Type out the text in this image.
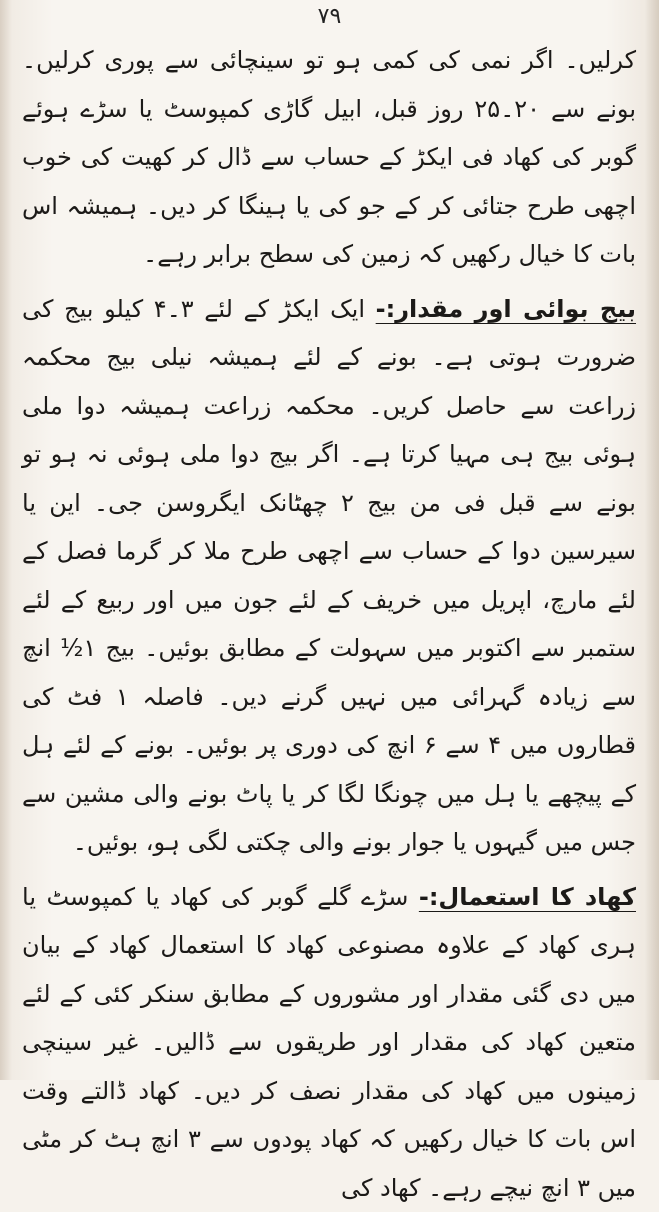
۷۹

کرلیں۔ اگر نمی کی کمی ہو تو سینچائی سے پوری کرلیں۔ بونے سے ۲۰۔۲۵ روز قبل، ابیل گاڑی کمپوسٹ یا سڑے ہوئے گوبر کی کھاد فی ایکڑ کے حساب سے ڈال کر کھیت کی خوب اچھی طرح جتائی کر کے جو کی یا ہینگا کر دیں۔ ہمیشہ اس بات کا خیال رکھیں کہ زمین کی سطح برابر رہے۔

بیج بوائی اور مقدار:- ایک ایکڑ کے لئے ۳۔۴ کیلو بیج کی ضرورت ہوتی ہے۔ بونے کے لئے ہمیشہ نیلی بیج محکمہ زراعت سے حاصل کریں۔ محکمہ زراعت ہمیشہ دوا ملی ہوئی بیج ہی مہیا کرتا ہے۔ اگر بیج دوا ملی ہوئی نہ ہو تو بونے سے قبل فی من بیج ۲ چھٹانک ایگروسن جی۔ این یا سیرسین دوا کے حساب سے اچھی طرح ملا کر گرما فصل کے لئے مارچ، اپریل میں خریف کے لئے جون میں اور ربیع کے لئے ستمبر سے اکتوبر میں سہولت کے مطابق بوئیں۔ بیج ۱½ انچ سے زیادہ گہرائی میں نہیں گرنے دیں۔ فاصلہ ۱ فٹ کی قطاروں میں ۴ سے ۶ انچ کی دوری پر بوئیں۔ بونے کے لئے ہل کے پیچھے یا ہل میں چونگا لگا کر یا پاٹ بونے والی مشین سے جس میں گیہوں یا جوار بونے والی چکتی لگی ہو، بوئیں۔

کھاد کا استعمال:- سڑے گلے گوبر کی کھاد یا کمپوسٹ یا ہری کھاد کے علاوہ مصنوعی کھاد کا استعمال کھاد کے بیان میں دی گئی مقدار اور مشوروں کے مطابق سنکر کئی کے لئے متعین کھاد کی مقدار اور طریقوں سے ڈالیں۔ غیر سینچی زمینوں میں کھاد کی مقدار نصف کر دیں۔ کھاد ڈالتے وقت اس بات کا خیال رکھیں کہ کھاد پودوں سے ۳ انچ ہٹ کر مٹی میں ۳ انچ نیچے رہے۔ کھاد کی
